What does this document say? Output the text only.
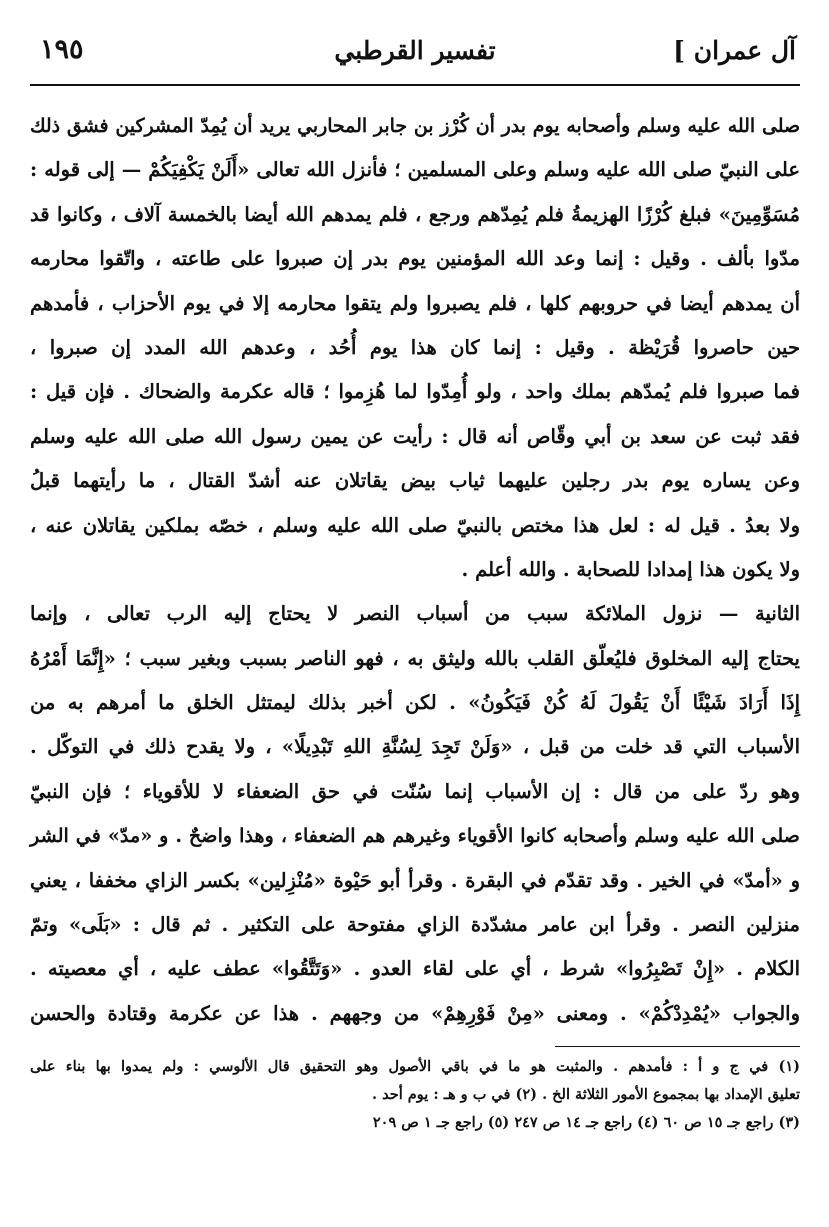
آل عمران ]
تفسير القرطبي
١٩٥
صلى الله عليه وسلم وأصحابه يوم بدر أن كُرْز بن جابر المحاربي يريد أن يُمِدّ المشركين فشق ذلك
على النبيّ صلى الله عليه وسلم وعلى المسلمين ؛ فأنزل الله تعالى «أَلَنْ يَكْفِيَكُمْ — إلى قوله :
مُسَوِّمِينَ» فبلغ كُرْزًا الهزيمةُ فلم يُمِدّهم ورجع ، فلم يمدهم الله أيضا بالخمسة آلاف ، وكانوا قد
مدّوا بألف . وقيل : إنما وعد الله المؤمنين يوم بدر إن صبروا على طاعته ، واتّقوا محارمه
أن يمدهم أيضا في حروبهم كلها ، فلم يصبروا ولم يتقوا محارمه إلا في يوم الأحزاب ، فأمدهم
حين حاصروا قُرَيْظة . وقيل : إنما كان هذا يوم أُحُد ، وعدهم الله المدد إن صبروا ،
فما صبروا فلم يُمدّهم بملك واحد ، ولو أُمِدّوا لما هُزِموا ؛ قاله عكرمة والضحاك . فإن قيل :
فقد ثبت عن سعد بن أبي وقّاص أنه قال : رأيت عن يمين رسول الله صلى الله عليه وسلم
وعن يساره يوم بدر رجلين عليهما ثياب بيض يقاتلان عنه أشدّ القتال ، ما رأيتهما قبلُ
ولا بعدُ . قيل له : لعل هذا مختص بالنبيّ صلى الله عليه وسلم ، خصّه بملكين يقاتلان عنه ،
ولا يكون هذا إمدادا للصحابة . والله أعلم .
الثانية — نزول الملائكة سبب من أسباب النصر لا يحتاج إليه الرب تعالى ، وإنما
يحتاج إليه المخلوق فليُعلّق القلب بالله وليثق به ، فهو الناصر بسبب وبغير سبب ؛ «إِنَّمَا أَمْرُهُ
إِذَا أَرَادَ شَيْئًا أَنْ يَقُولَ لَهُ كُنْ فَيَكُونُ» . لكن أخبر بذلك ليمتثل الخلق ما أمرهم به من
الأسباب التي قد خلت من قبل ، «وَلَنْ تَجِدَ لِسُنَّةِ اللهِ تَبْدِيلًا» ، ولا يقدح ذلك في التوكّل .
وهو ردّ على من قال : إن الأسباب إنما سُنّت في حق الضعفاء لا للأقوياء ؛ فإن النبيّ
صلى الله عليه وسلم وأصحابه كانوا الأقوياء وغيرهم هم الضعفاء ، وهذا واضحٌ . و «مدّ» في الشر
و «أمدّ» في الخير . وقد تقدّم في البقرة . وقرأ أبو حَيْوة «مُنْزِلين» بكسر الزاي مخففا ، يعني
منزلين النصر . وقرأ ابن عامر مشدّدة الزاي مفتوحة على التكثير . ثم قال : «بَلَى» وتمّ
الكلام . «إِنْ تَصْبِرُوا» شرط ، أي على لقاء العدو . «وَتَتَّقُوا» عطف عليه ، أي معصيته .
والجواب «يُمْدِدْكُمْ» . ومعنى «مِنْ فَوْرِهِمْ» من وجههم . هذا عن عكرمة وقتادة والحسن
(١) في ج و أ : فأمدهم . والمثبت هو ما في باقي الأصول وهو التحقيق قال الألوسي : ولم يمدوا بها بناء على
تعليق الإمداد بها بمجموع الأمور الثلاثة الخ . (٢) في ب و هـ : يوم أحد .
(٣) راجع جـ ١٥ ص ٦٠ (٤) راجع جـ ١٤ ص ٢٤٧ (٥) راجع جـ ١ ص ٢٠٩
